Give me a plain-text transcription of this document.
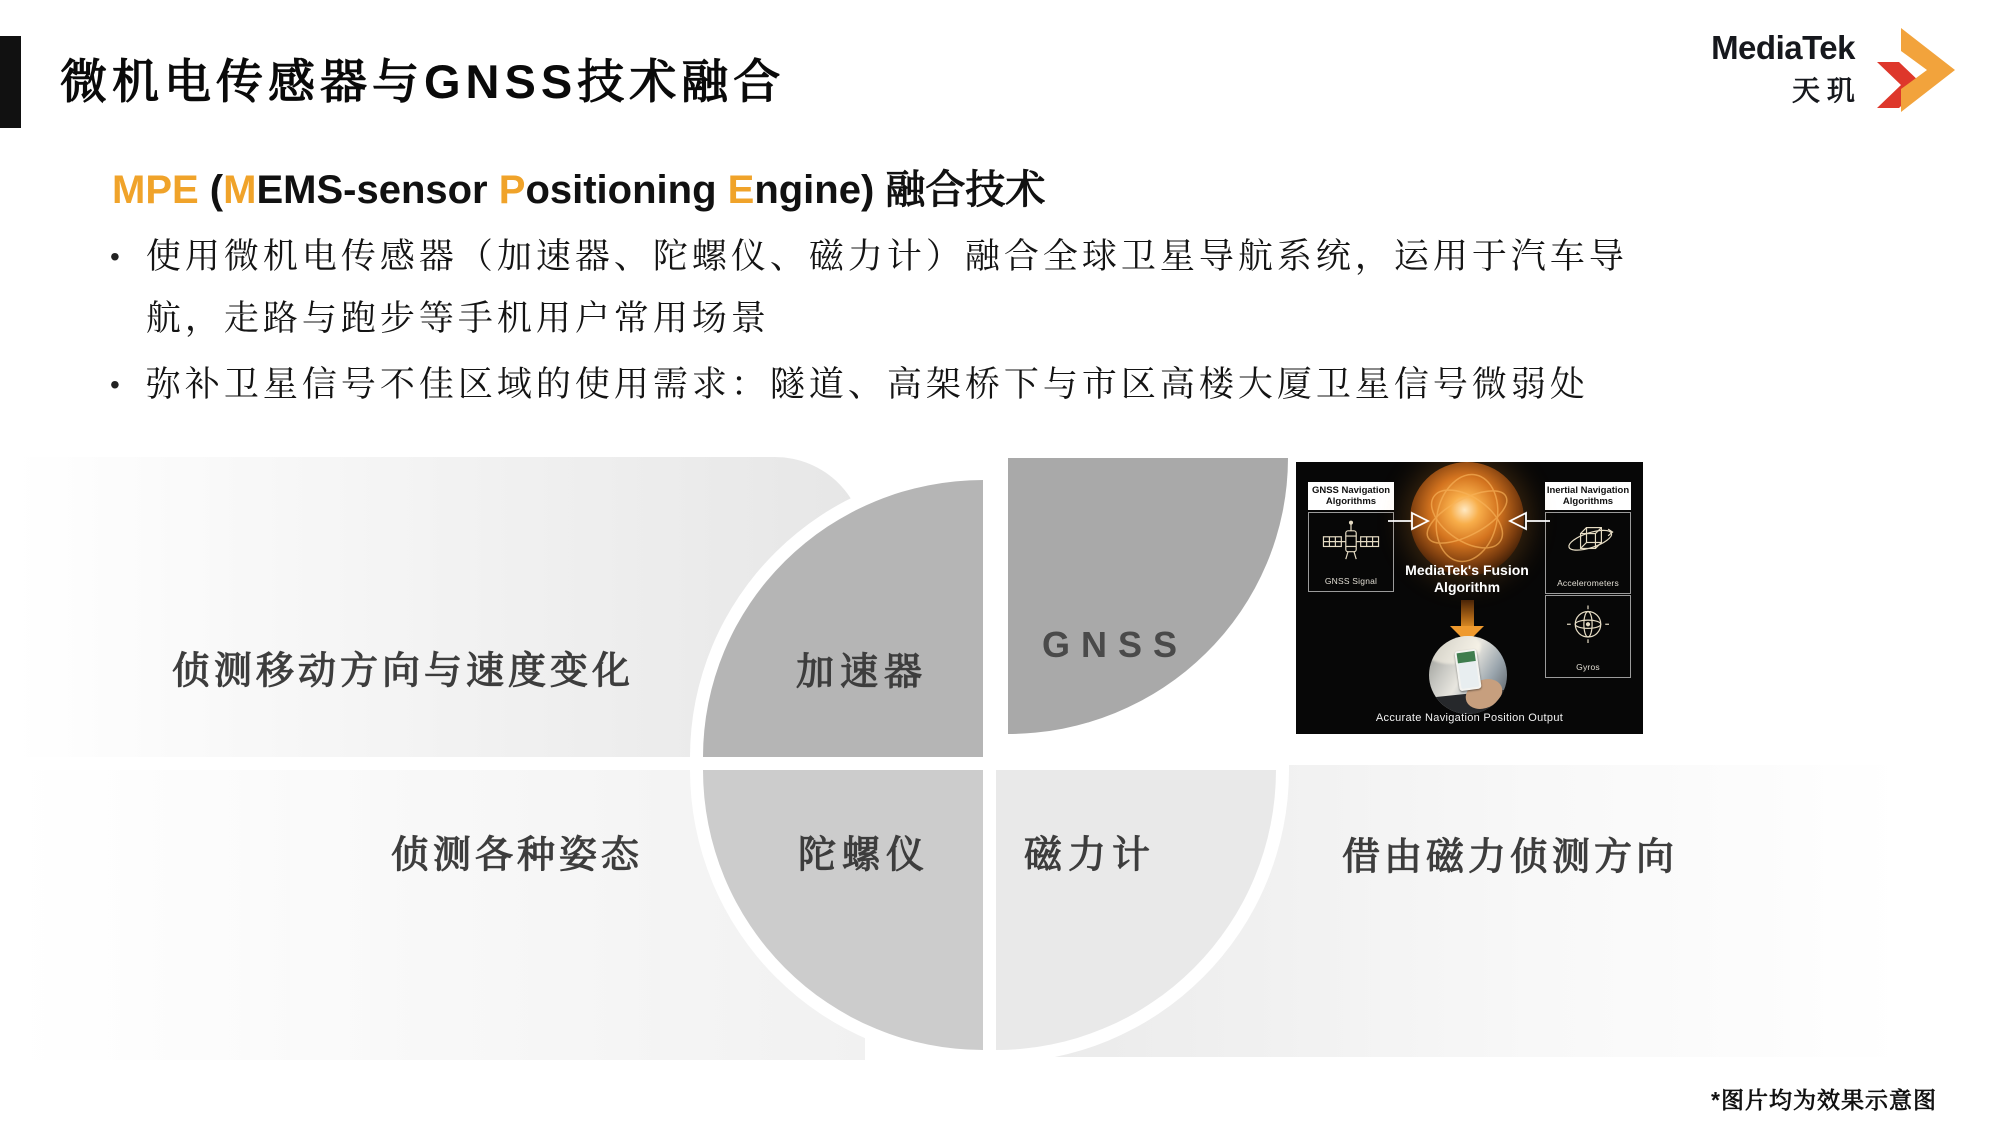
微机电传感器与GNSS技术融合
MediaTek
天玑
MPE (MEMS-sensor Positioning Engine) 融合技术
• 使用微机电传感器（加速器、陀螺仪、磁力计）融合全球卫星导航系统，运用于汽车导航，走路与跑步等手机用户常用场景
• 弥补卫星信号不佳区域的使用需求：隧道、高架桥下与市区高楼大厦卫星信号微弱处
侦测移动方向与速度变化	加速器
GNSS
侦测各种姿态	陀螺仪 磁力计	借由磁力侦测方向
GNSS Navigation Algorithms
GNSS Signal
Inertial Navigation Algorithms
Accelerometers
Gyros
MediaTek's Fusion Algorithm
Accurate Navigation Position Output
*图片均为效果示意图
